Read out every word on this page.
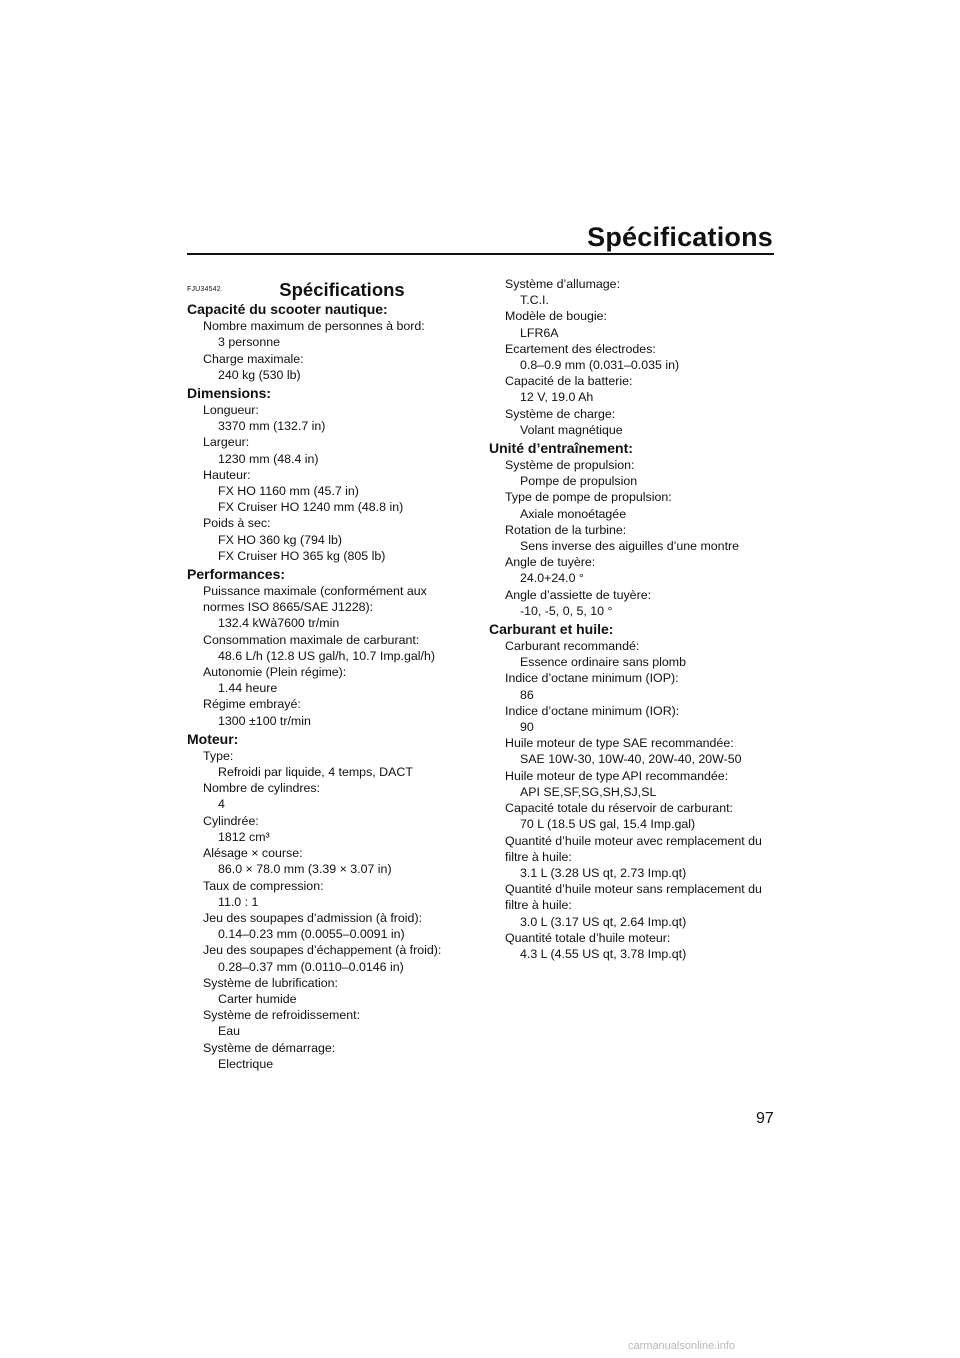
Spécifications
FJU34542	Spécifications
Capacité du scooter nautique:
Nombre maximum de personnes à bord:
3 personne
Charge maximale:
240 kg (530 lb)
Dimensions:
Longueur:
3370 mm (132.7 in)
Largeur:
1230 mm (48.4 in)
Hauteur:
FX HO 1160 mm (45.7 in)
FX Cruiser HO 1240 mm (48.8 in)
Poids à sec:
FX HO 360 kg (794 lb)
FX Cruiser HO 365 kg (805 lb)
Performances:
Puissance maximale (conformément aux normes ISO 8665/SAE J1228):
132.4 kWà7600 tr/min
Consommation maximale de carburant:
48.6 L/h (12.8 US gal/h, 10.7 Imp.gal/h)
Autonomie (Plein régime):
1.44 heure
Régime embrayé:
1300 ±100 tr/min
Moteur:
Type:
Refroidi par liquide, 4 temps, DACT
Nombre de cylindres:
4
Cylindrée:
1812 cm³
Alésage × course:
86.0 × 78.0 mm (3.39 × 3.07 in)
Taux de compression:
11.0 : 1
Jeu des soupapes d’admission (à froid):
0.14–0.23 mm (0.0055–0.0091 in)
Jeu des soupapes d’échappement (à froid):
0.28–0.37 mm (0.0110–0.0146 in)
Système de lubrification:
Carter humide
Système de refroidissement:
Eau
Système de démarrage:
Electrique
Système d’allumage:
T.C.I.
Modèle de bougie:
LFR6A
Ecartement des électrodes:
0.8–0.9 mm (0.031–0.035 in)
Capacité de la batterie:
12 V, 19.0 Ah
Système de charge:
Volant magnétique
Unité d’entraînement:
Système de propulsion:
Pompe de propulsion
Type de pompe de propulsion:
Axiale monoétagée
Rotation de la turbine:
Sens inverse des aiguilles d’une montre
Angle de tuyère:
24.0+24.0 °
Angle d’assiette de tuyère:
-10, -5, 0, 5, 10 °
Carburant et huile:
Carburant recommandé:
Essence ordinaire sans plomb
Indice d’octane minimum (IOP):
86
Indice d’octane minimum (IOR):
90
Huile moteur de type SAE recommandée:
SAE 10W-30, 10W-40, 20W-40, 20W-50
Huile moteur de type API recommandée:
API SE,SF,SG,SH,SJ,SL
Capacité totale du réservoir de carburant:
70 L (18.5 US gal, 15.4 Imp.gal)
Quantité d’huile moteur avec remplacement du filtre à huile:
3.1 L (3.28 US qt, 2.73 Imp.qt)
Quantité d’huile moteur sans remplacement du filtre à huile:
3.0 L (3.17 US qt, 2.64 Imp.qt)
Quantité totale d’huile moteur:
4.3 L (4.55 US qt, 3.78 Imp.qt)
97
carmanualsonline.info
